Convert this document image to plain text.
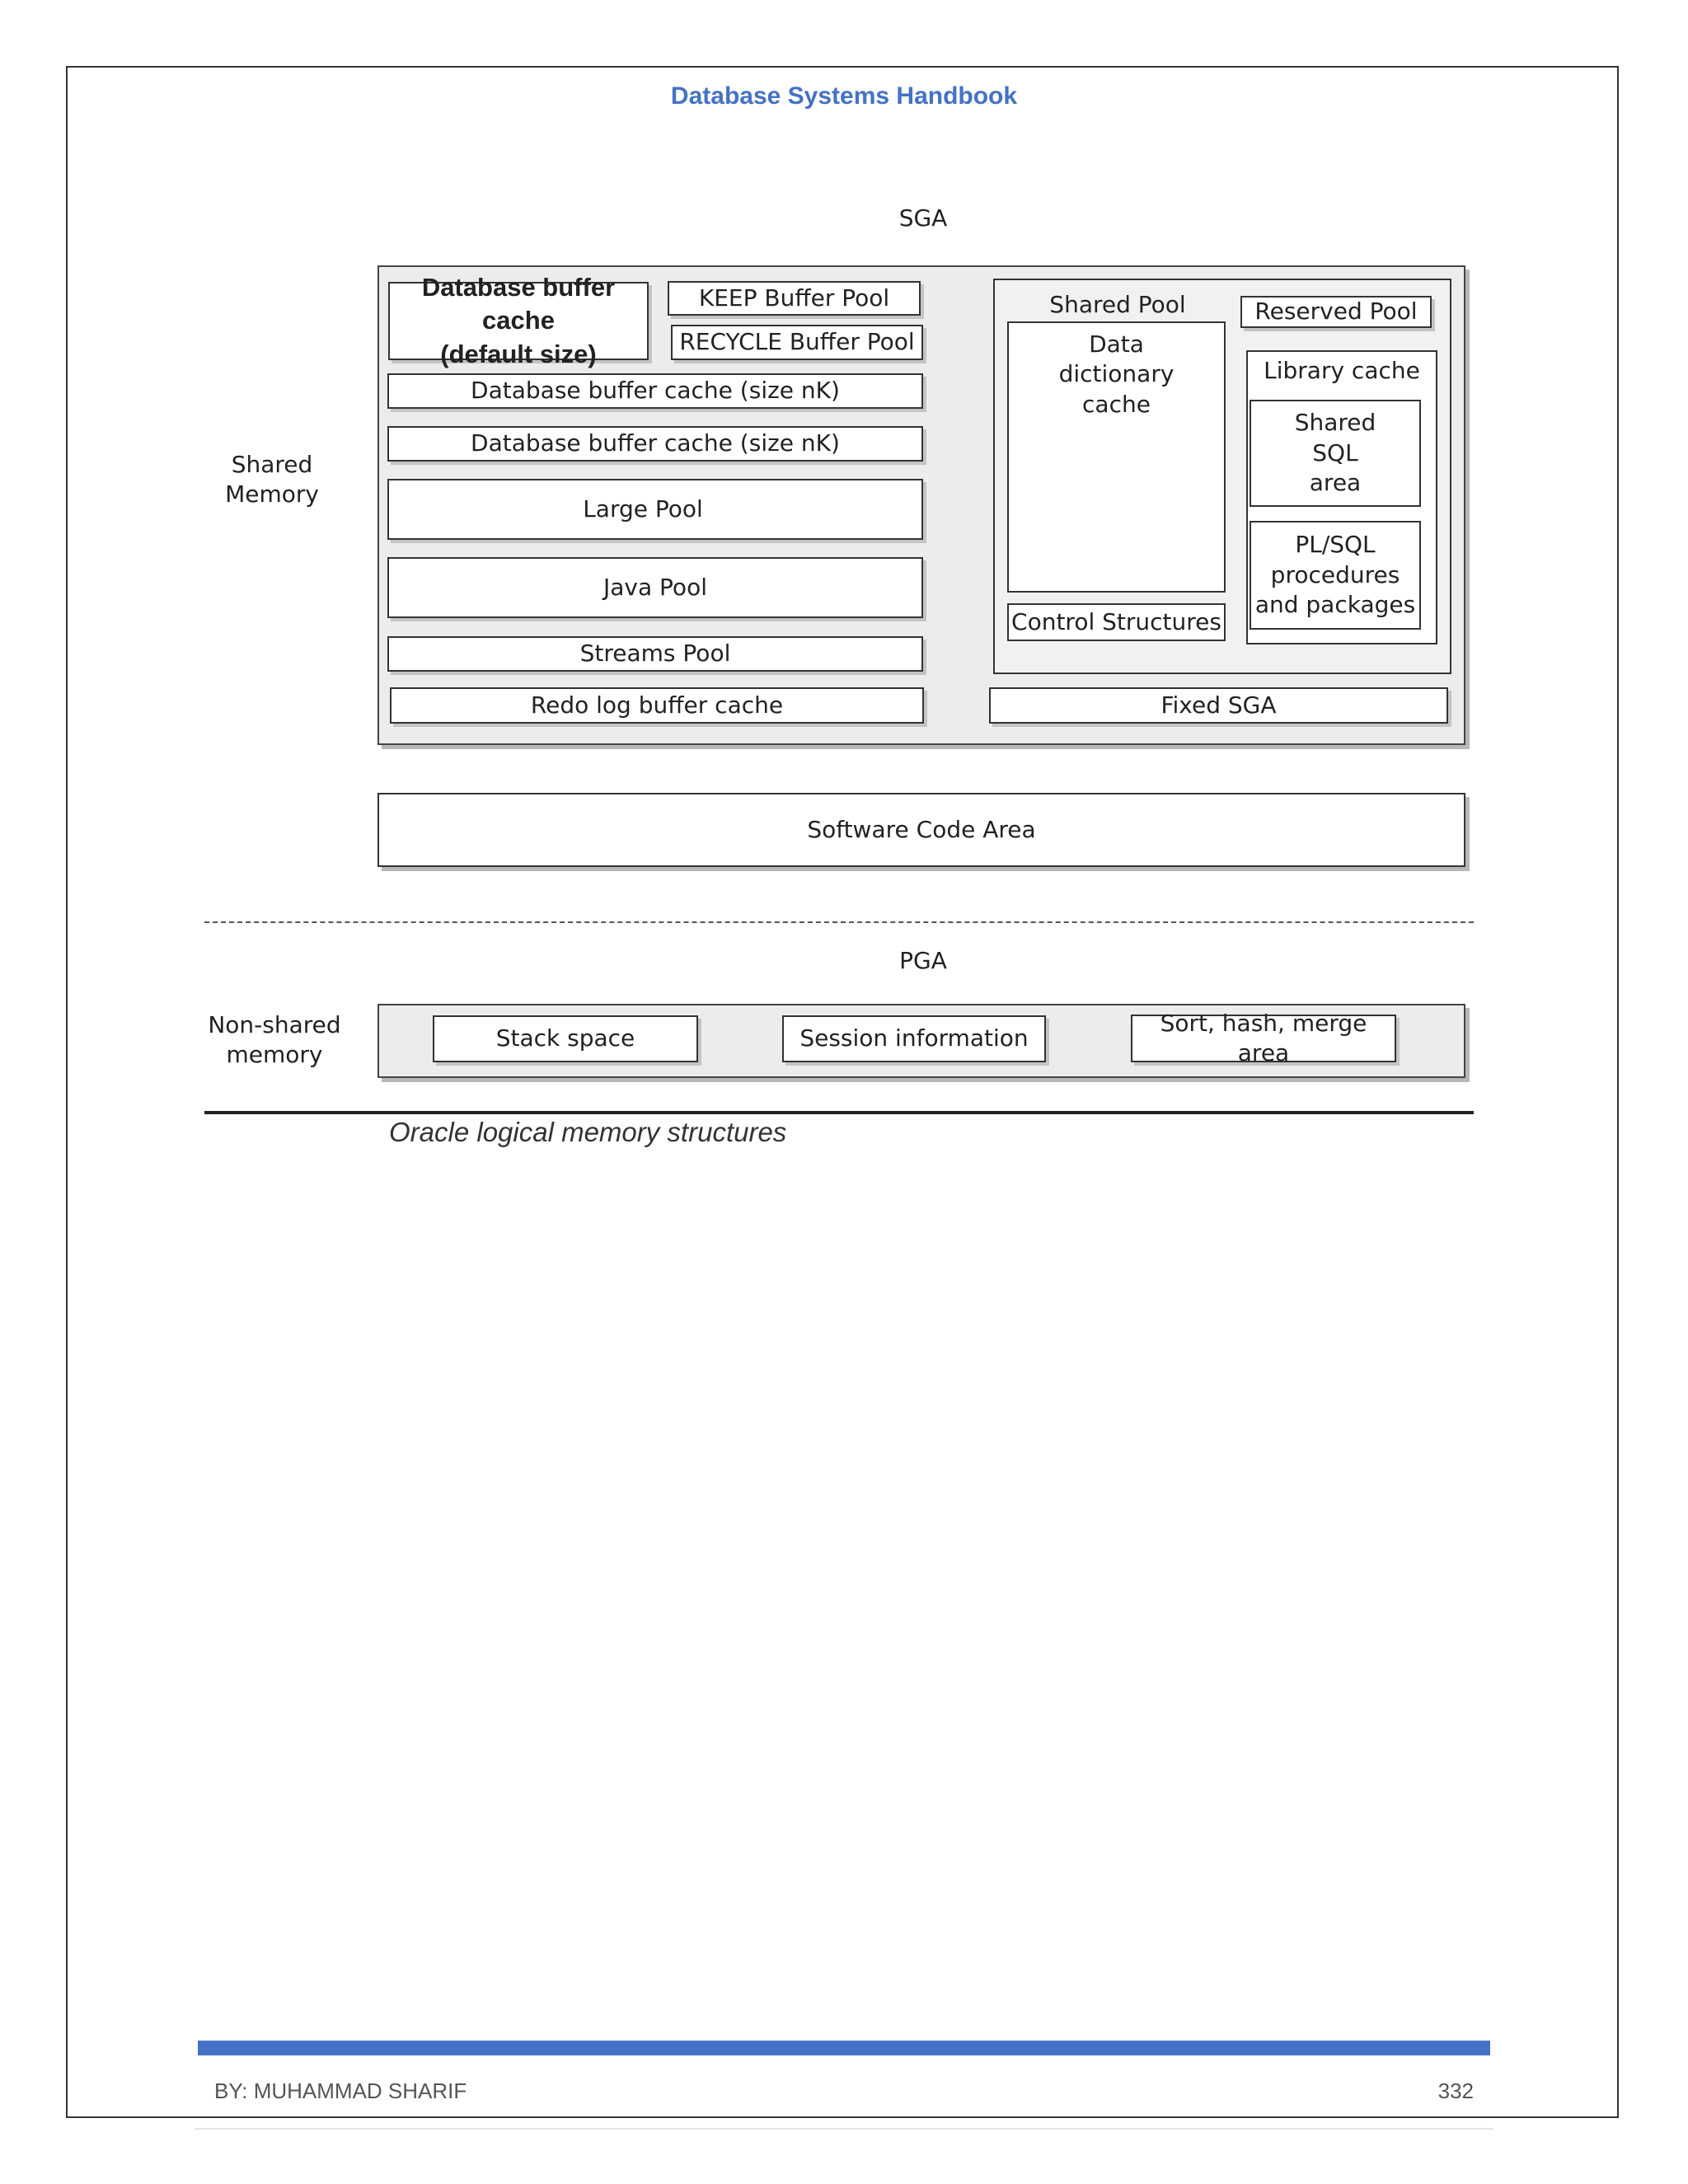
Database Systems Handbook
SGA
Shared
Memory
Database buffer cache
(default size)
KEEP Buffer Pool
RECYCLE Buffer Pool
Database buffer cache (size nK)
Database buffer cache (size nK)
Large Pool
Java Pool
Streams Pool
Redo log buffer cache
Shared Pool	Reserved Pool
Data
dictionary
cache
Control Structures
Library cache
Shared
SQL
area
PL/SQL
procedures
and packages
Fixed SGA
Software Code Area
PGA
Non-shared
memory
Stack space	Session information
Sort, hash, merge area
Oracle logical memory structures
BY: MUHAMMAD SHARIF	332
